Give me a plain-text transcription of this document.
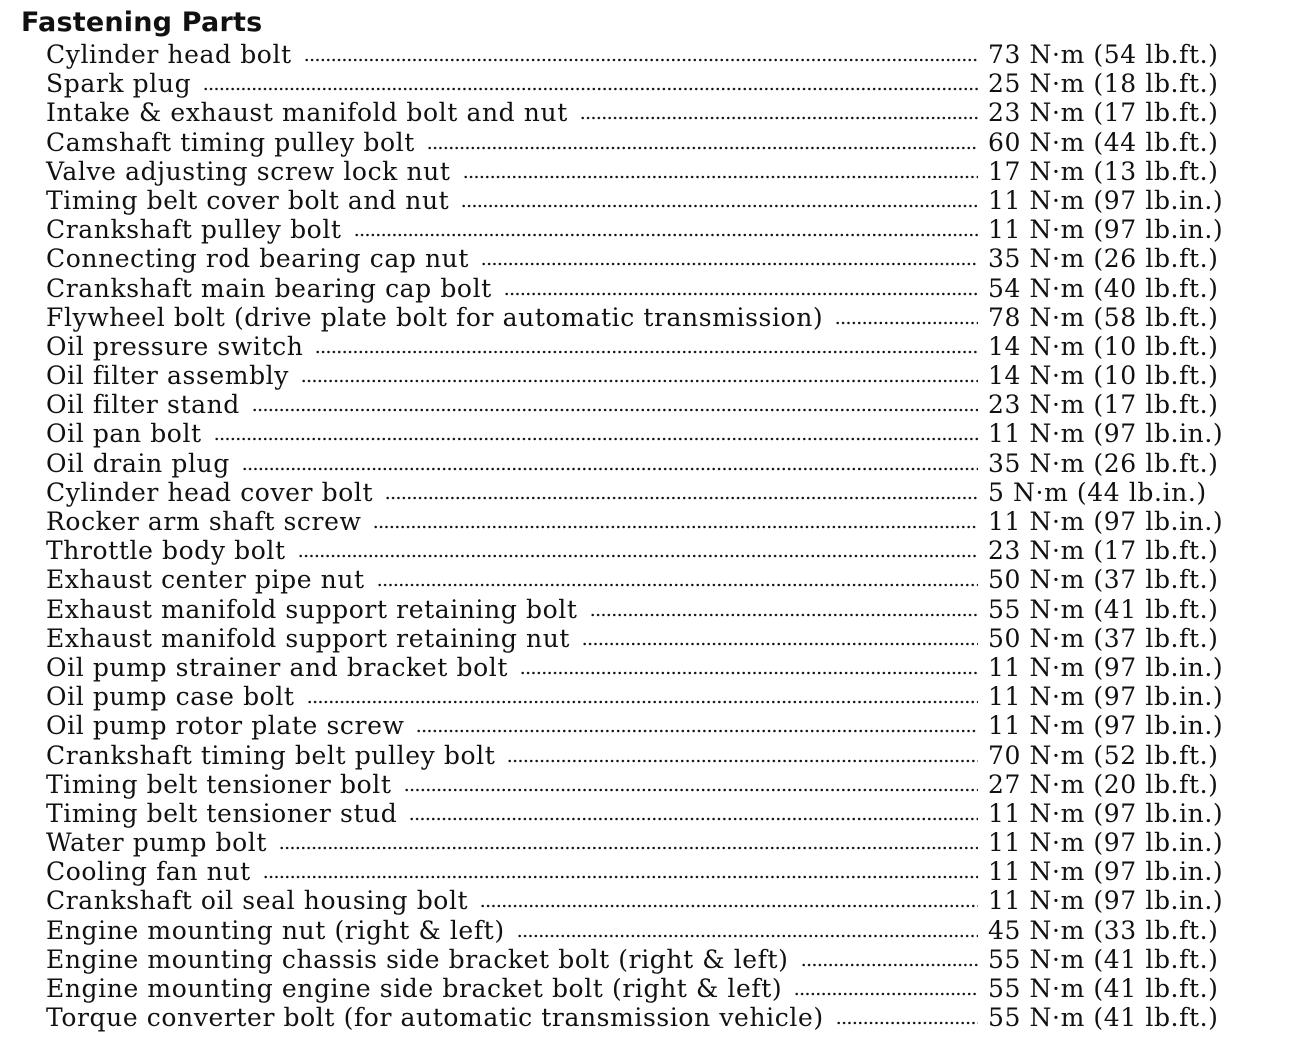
Fastening Parts
Cylinder head bolt	73 N·m (54 lb.ft.)
Spark plug	25 N·m (18 lb.ft.)
Intake & exhaust manifold bolt and nut	23 N·m (17 lb.ft.)
Camshaft timing pulley bolt	60 N·m (44 lb.ft.)
Valve adjusting screw lock nut	17 N·m (13 lb.ft.)
Timing belt cover bolt and nut	11 N·m (97 lb.in.)
Crankshaft pulley bolt	11 N·m (97 lb.in.)
Connecting rod bearing cap nut	35 N·m (26 lb.ft.)
Crankshaft main bearing cap bolt	54 N·m (40 lb.ft.)
Flywheel bolt (drive plate bolt for automatic transmission)	78 N·m (58 lb.ft.)
Oil pressure switch	14 N·m (10 lb.ft.)
Oil filter assembly	14 N·m (10 lb.ft.)
Oil filter stand	23 N·m (17 lb.ft.)
Oil pan bolt	11 N·m (97 lb.in.)
Oil drain plug	35 N·m (26 lb.ft.)
Cylinder head cover bolt	5 N·m (44 lb.in.)
Rocker arm shaft screw	11 N·m (97 lb.in.)
Throttle body bolt	23 N·m (17 lb.ft.)
Exhaust center pipe nut	50 N·m (37 lb.ft.)
Exhaust manifold support retaining bolt	55 N·m (41 lb.ft.)
Exhaust manifold support retaining nut	50 N·m (37 lb.ft.)
Oil pump strainer and bracket bolt	11 N·m (97 lb.in.)
Oil pump case bolt	11 N·m (97 lb.in.)
Oil pump rotor plate screw	11 N·m (97 lb.in.)
Crankshaft timing belt pulley bolt	70 N·m (52 lb.ft.)
Timing belt tensioner bolt	27 N·m (20 lb.ft.)
Timing belt tensioner stud	11 N·m (97 lb.in.)
Water pump bolt	11 N·m (97 lb.in.)
Cooling fan nut	11 N·m (97 lb.in.)
Crankshaft oil seal housing bolt	11 N·m (97 lb.in.)
Engine mounting nut (right & left)	45 N·m (33 lb.ft.)
Engine mounting chassis side bracket bolt (right & left)	55 N·m (41 lb.ft.)
Engine mounting engine side bracket bolt (right & left)	55 N·m (41 lb.ft.)
Torque converter bolt (for automatic transmission vehicle)	55 N·m (41 lb.ft.)
